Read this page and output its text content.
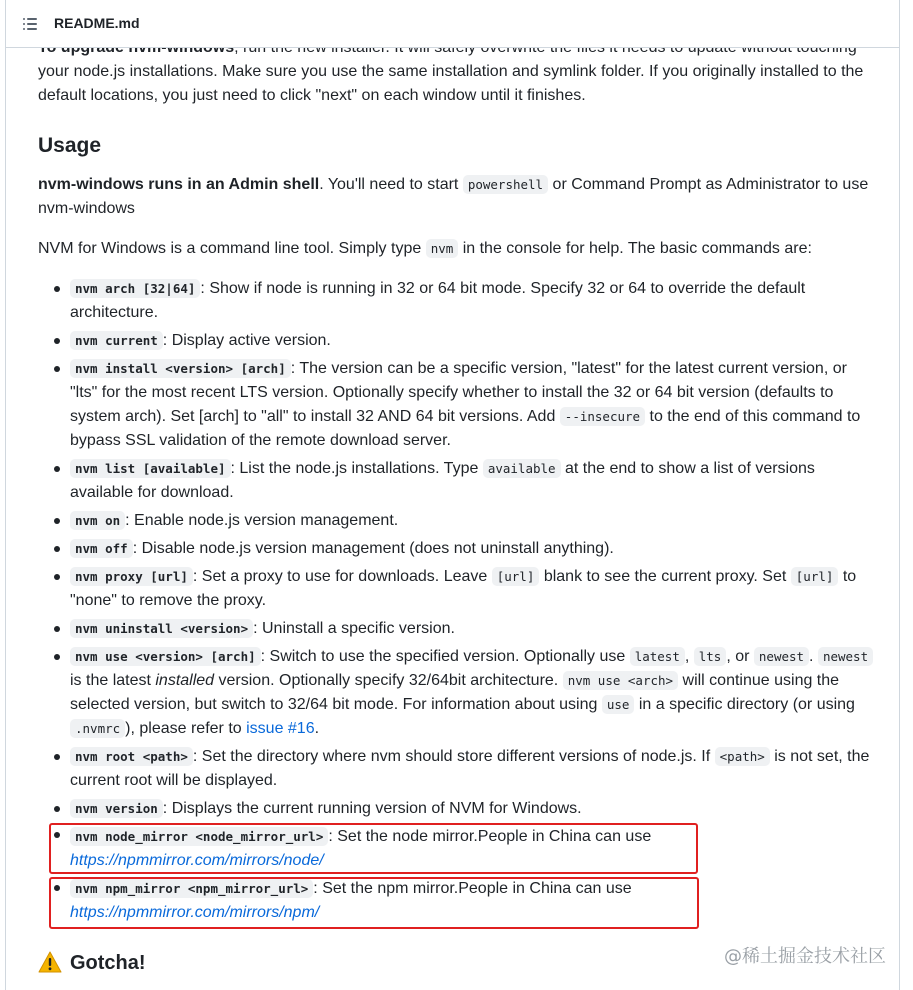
README.md
your node.js installations. Make sure you use the same installation and symlink folder. If you originally installed to the
default locations, you just need to click "next" on each window until it finishes.
Usage
nvm-windows runs in an Admin shell. You'll need to start powershell or Command Prompt as Administrator to use
nvm-windows
NVM for Windows is a command line tool. Simply type nvm in the console for help. The basic commands are:
nvm arch [32|64] : Show if node is running in 32 or 64 bit mode. Specify 32 or 64 to override the default
architecture.
nvm current : Display active version.
nvm install <version> [arch] : The version can be a specific version, "latest" for the latest current version, or
"lts" for the most recent LTS version. Optionally specify whether to install the 32 or 64 bit version (defaults to
system arch). Set [arch] to "all" to install 32 AND 64 bit versions. Add --insecure to the end of this command to
bypass SSL validation of the remote download server.
nvm list [available] : List the node.js installations. Type available at the end to show a list of versions
available for download.
nvm on : Enable node.js version management.
nvm off : Disable node.js version management (does not uninstall anything).
nvm proxy [url] : Set a proxy to use for downloads. Leave [url] blank to see the current proxy. Set [url] to
"none" to remove the proxy.
nvm uninstall <version> : Uninstall a specific version.
nvm use <version> [arch] : Switch to use the specified version. Optionally use latest , lts , or newest . newest
is the latest installed version. Optionally specify 32/64bit architecture. nvm use <arch> will continue using the
selected version, but switch to 32/64 bit mode. For information about using use in a specific directory (or using
.nvmrc ), please refer to issue #16.
nvm root <path> : Set the directory where nvm should store different versions of node.js. If <path> is not set, the
current root will be displayed.
nvm version : Displays the current running version of NVM for Windows.
nvm node_mirror <node_mirror_url> : Set the node mirror.People in China can use
https://npmmirror.com/mirrors/node/
nvm npm_mirror <npm_mirror_url> : Set the npm mirror.People in China can use
https://npmmirror.com/mirrors/npm/
Gotcha!	@稀土掘金技术社区
